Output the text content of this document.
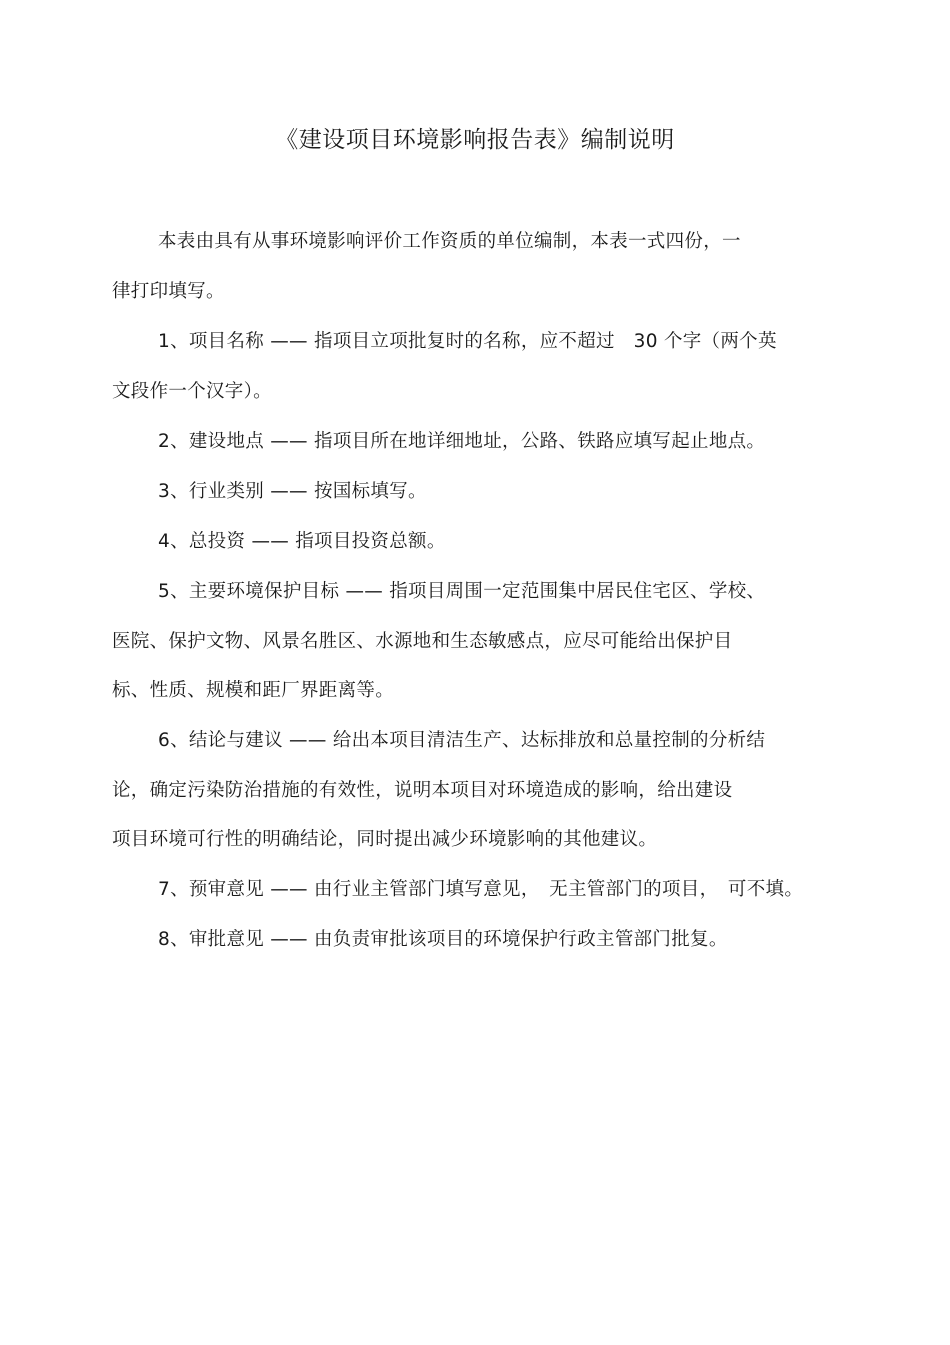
《建设项目环境影响报告表》编制说明
本表由具有从事环境影响评价工作资质的单位编制，本表一式四份，一
律打印填写。
1、项目名称 —— 指项目立项批复时的名称，应不超过　30 个字（两个英
文段作一个汉字）。
2、建设地点 —— 指项目所在地详细地址，公路、铁路应填写起止地点。
3、行业类别 —— 按国标填写。
4、总投资 —— 指项目投资总额。
5、主要环境保护目标 —— 指项目周围一定范围集中居民住宅区、学校、
医院、保护文物、风景名胜区、水源地和生态敏感点，应尽可能给出保护目
标、性质、规模和距厂界距离等。
6、结论与建议 —— 给出本项目清洁生产、达标排放和总量控制的分析结
论，确定污染防治措施的有效性，说明本项目对环境造成的影响，给出建设
项目环境可行性的明确结论，同时提出减少环境影响的其他建议。
7、预审意见 —— 由行业主管部门填写意见，　无主管部门的项目，　可不填。
8、审批意见 —— 由负责审批该项目的环境保护行政主管部门批复。
